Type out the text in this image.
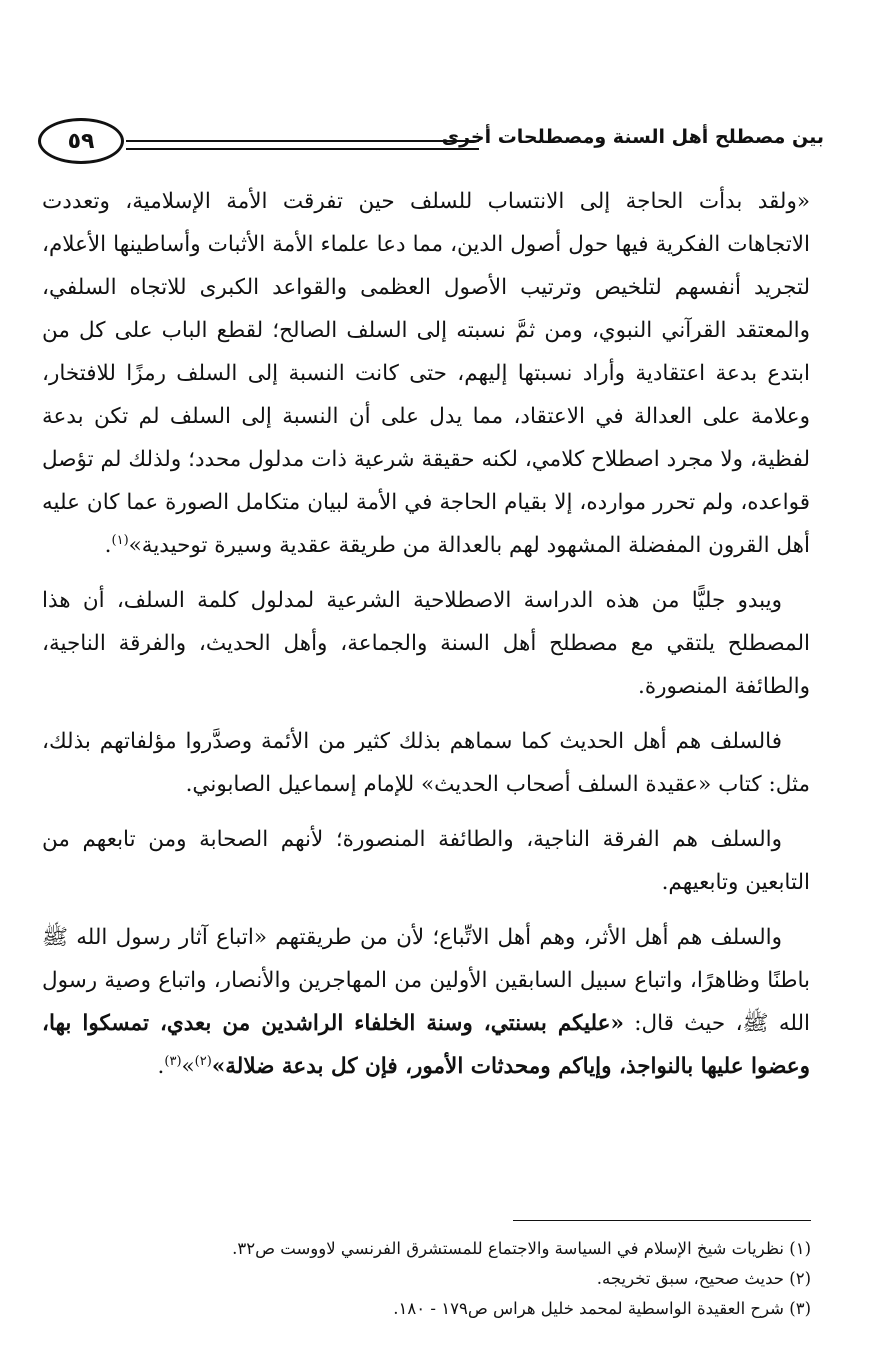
بين مصطلح أهل السنة ومصطلحات أخرى
٥٩

«ولقد بدأت الحاجة إلى الانتساب للسلف حين تفرقت الأمة الإسلامية، وتعددت الاتجاهات الفكرية فيها حول أصول الدين، مما دعا علماء الأمة الأثبات وأساطينها الأعلام، لتجريد أنفسهم لتلخيص وترتيب الأصول العظمى والقواعد الكبرى للاتجاه السلفي، والمعتقد القرآني النبوي، ومن ثمَّ نسبته إلى السلف الصالح؛ لقطع الباب على كل من ابتدع بدعة اعتقادية وأراد نسبتها إليهم، حتى كانت النسبة إلى السلف رمزًا للافتخار، وعلامة على العدالة في الاعتقاد، مما يدل على أن النسبة إلى السلف لم تكن بدعة لفظية، ولا مجرد اصطلاح كلامي، لكنه حقيقة شرعية ذات مدلول محدد؛ ولذلك لم تؤصل قواعده، ولم تحرر موارده، إلا بقيام الحاجة في الأمة لبيان متكامل الصورة عما كان عليه أهل القرون المفضلة المشهود لهم بالعدالة من طريقة عقدية وسيرة توحيدية»$^{(١)}$.

ويبدو جليًّا من هذه الدراسة الاصطلاحية الشرعية لمدلول كلمة السلف، أن هذا المصطلح يلتقي مع مصطلح أهل السنة والجماعة، وأهل الحديث، والفرقة الناجية، والطائفة المنصورة.

فالسلف هم أهل الحديث كما سماهم بذلك كثير من الأئمة وصدَّروا مؤلفاتهم بذلك، مثل: كتاب «عقيدة السلف أصحاب الحديث» للإمام إسماعيل الصابوني.

والسلف هم الفرقة الناجية، والطائفة المنصورة؛ لأنهم الصحابة ومن تابعهم من التابعين وتابعيهم.

والسلف هم أهل الأثر، وهم أهل الاتِّباع؛ لأن من طريقتهم «اتباع آثار رسول الله ﷺ باطنًا وظاهرًا، واتباع سبيل السابقين الأولين من المهاجرين والأنصار، واتباع وصية رسول الله ﷺ، حيث قال: «عليكم بسنتي، وسنة الخلفاء الراشدين من بعدي، تمسكوا بها، وعضوا عليها بالنواجذ، وإياكم ومحدثات الأمور، فإن كل بدعة ضلالة»$^{(٢)}$»$^{(٣)}$.

(١) نظريات شيخ الإسلام في السياسة والاجتماع للمستشرق الفرنسي لاووست ص٣٢.
(٢) حديث صحيح، سبق تخريجه.
(٣) شرح العقيدة الواسطية لمحمد خليل هراس ص١٧٩ - ١٨٠.
